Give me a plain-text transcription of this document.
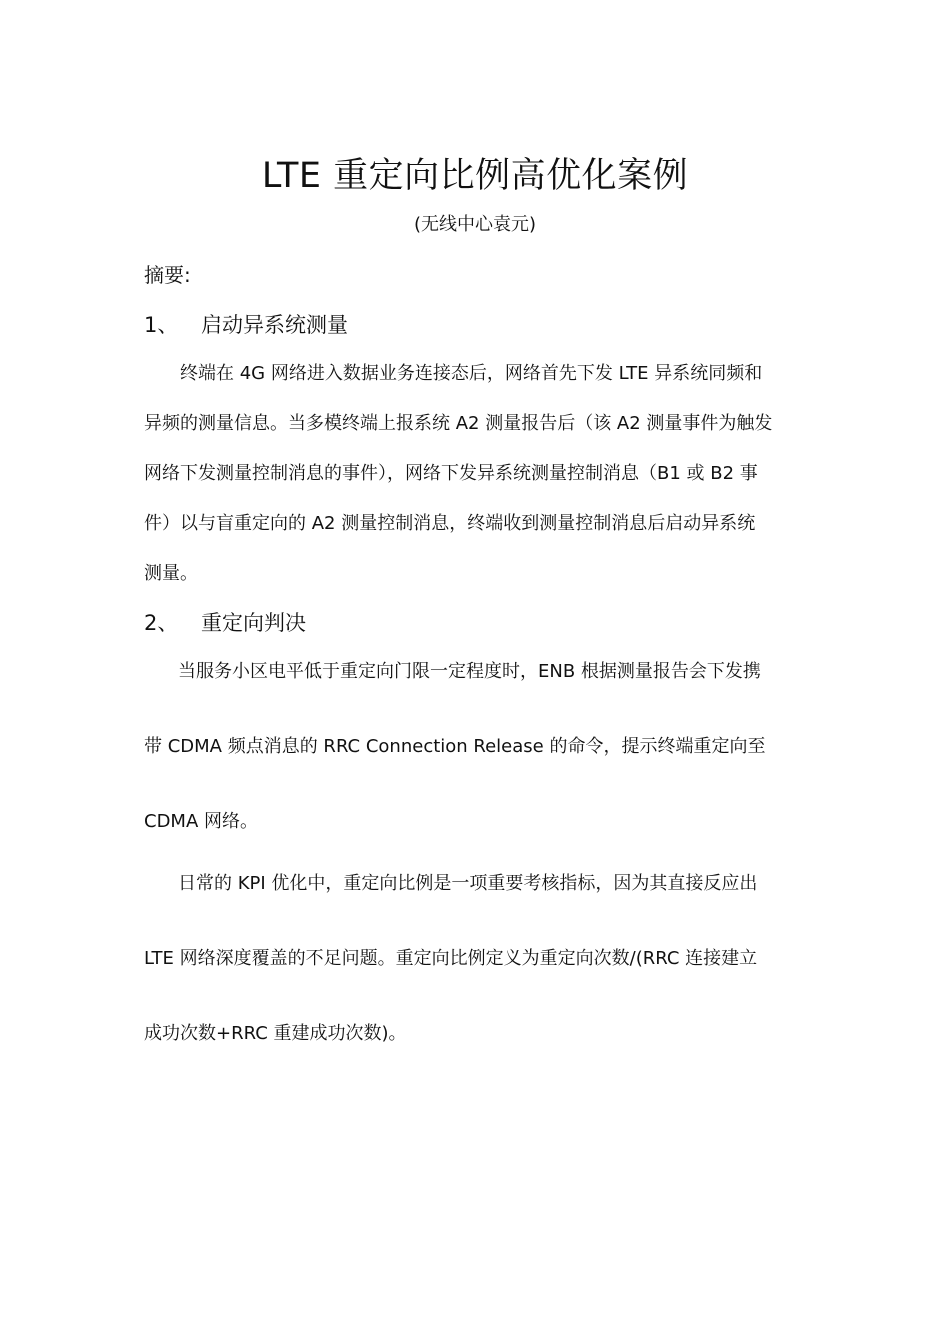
LTE 重定向比例高优化案例
(无线中心袁元)
摘要:
1、 启动异系统测量
终端在 4G 网络进入数据业务连接态后，网络首先下发 LTE 异系统同频和
异频的测量信息。当多模终端上报系统 A2 测量报告后（该 A2 测量事件为触发
网络下发测量控制消息的事件），网络下发异系统测量控制消息（B1 或 B2 事
件）以与盲重定向的 A2 测量控制消息，终端收到测量控制消息后启动异系统
测量。
2、 重定向判决
当服务小区电平低于重定向门限一定程度时，ENB 根据测量报告会下发携
带 CDMA 频点消息的 RRC Connection Release 的命令，提示终端重定向至
CDMA 网络。
日常的 KPI 优化中，重定向比例是一项重要考核指标，因为其直接反应出
LTE 网络深度覆盖的不足问题。重定向比例定义为重定向次数/(RRC 连接建立
成功次数+RRC 重建成功次数)。
